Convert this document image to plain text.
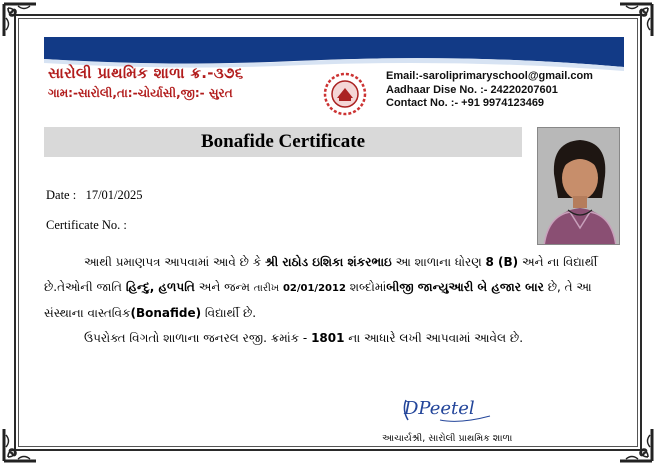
સારોલી પ્રાથમિક શાળા ક્ર.-૩૭૬
ગામ:-સારોલી,તા:-ચોર્યાસી,જી:- સુરત
Email:-saroliprimaryschool@gmail.com
Aadhaar Dise No. :- 24220207601
Contact No. :- +91 9974123469
Bonafide Certificate
Date : 17/01/2025
Certificate No. :

આથી પ્રમાણપત્ર આપવામાં આવે છે કે શ્રી રાઠોડ ઇશિકા શંકરભાઇ આ શાળાના ધોરણ 8 (B) અને ના વિદ્યાર્થી છે.તેઓની જાતિ હિન્દુ, હળપતિ અને જન્મ તારીખ 02/01/2012 શબ્દોમાંબીજી જાન્યુઆરી બે હજાર બાર છે, તે આ સંસ્થાના વાસ્તવિક(Bonafide) વિદ્યાર્થી છે.

ઉપરોક્ત વિગતો શાળાના જનરલ રજી. ક્રમાંક - 1801 ના આધારે લખી આપવામાં આવેલ છે.

DPeetel
આચાર્યશ્રી, સારોલી પ્રાથમિક શાળા
